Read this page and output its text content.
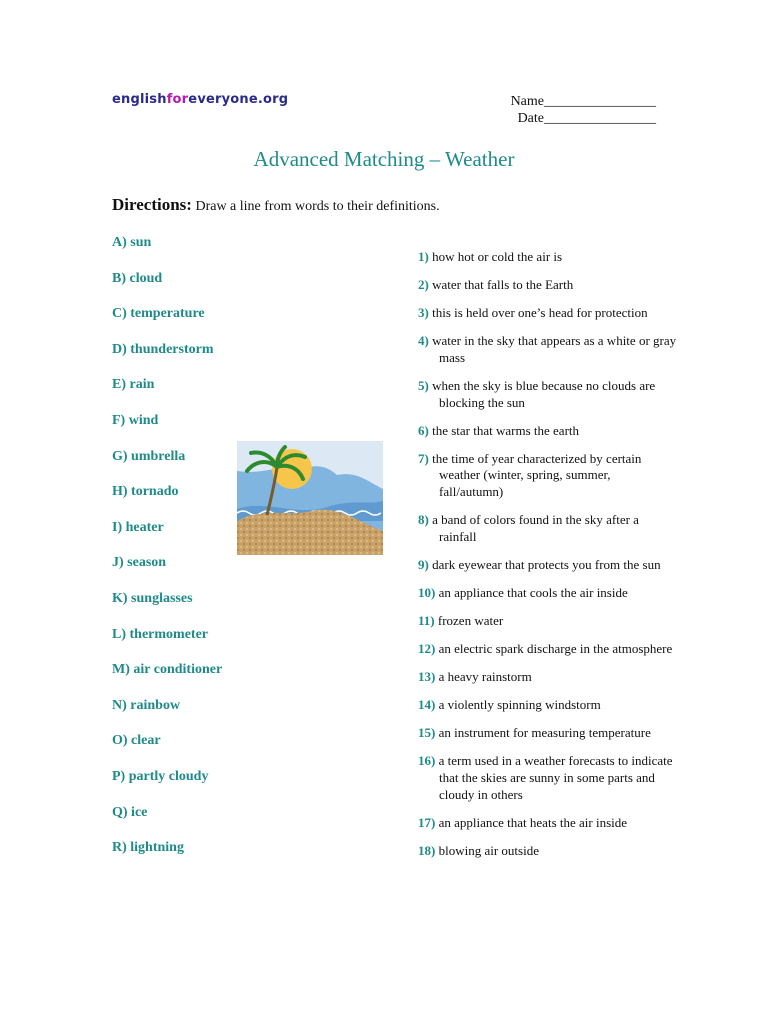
englishforeveryone.org	Name________________
Date________________
Advanced Matching – Weather
Directions: Draw a line from words to their definitions.
A) sun
B) cloud
C) temperature
D) thunderstorm
E) rain
F) wind
G) umbrella
H) tornado
I) heater
J) season
K) sunglasses
L) thermometer
M) air conditioner
N) rainbow
O) clear
P) partly cloudy
Q) ice
R) lightning
1) how hot or cold the air is
2) water that falls to the Earth
3) this is held over one’s head for protection
4) water in the sky that appears as a white or gray mass
5) when the sky is blue because no clouds are blocking the sun
6) the star that warms the earth
7) the time of year characterized by certain weather (winter, spring, summer, fall/autumn)
8) a band of colors found in the sky after a rainfall
9) dark eyewear that protects you from the sun
10) an appliance that cools the air inside
11) frozen water
12) an electric spark discharge in the atmosphere
13) a heavy rainstorm
14) a violently spinning windstorm
15) an instrument for measuring temperature
16) a term used in a weather forecasts to indicate that the skies are sunny in some parts and cloudy in others
17) an appliance that heats the air inside
18) blowing air outside
